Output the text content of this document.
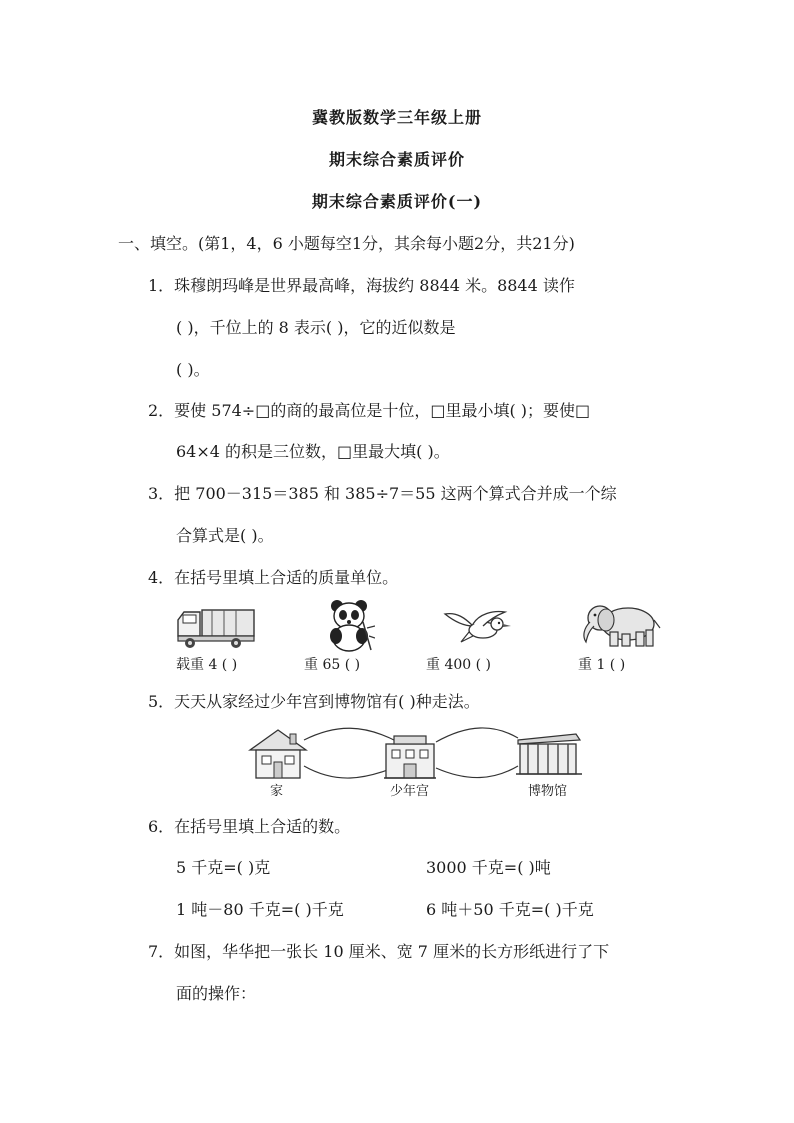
冀教版数学三年级上册
期末综合素质评价
期末综合素质评价(一)
一、填空。(第1，4，6 小题每空1分，其余每小题2分，共21分)
1．珠穆朗玛峰是世界最高峰，海拔约 8844 米。8844 读作
( )，千位上的 8 表示( )，它的近似数是
( )。
2．要使 574÷□的商的最高位是十位，□里最小填( )；要使□
64×4 的积是三位数，□里最大填( )。
3．把 700－315＝385 和 385÷7＝55 这两个算式合并成一个综
合算式是( )。
4．在括号里填上合适的质量单位。
载重 4 ( )	重 65 ( )	重 400 ( )	重 1 ( )
5．天天从家经过少年宫到博物馆有( )种走法。
家	少年宫	博物馆
6．在括号里填上合适的数。
5 千克=( )克	3000 千克=( )吨
1 吨－80 千克=( )千克	6 吨＋50 千克=( )千克
7．如图，华华把一张长 10 厘米、宽 7 厘米的长方形纸进行了下
面的操作：
